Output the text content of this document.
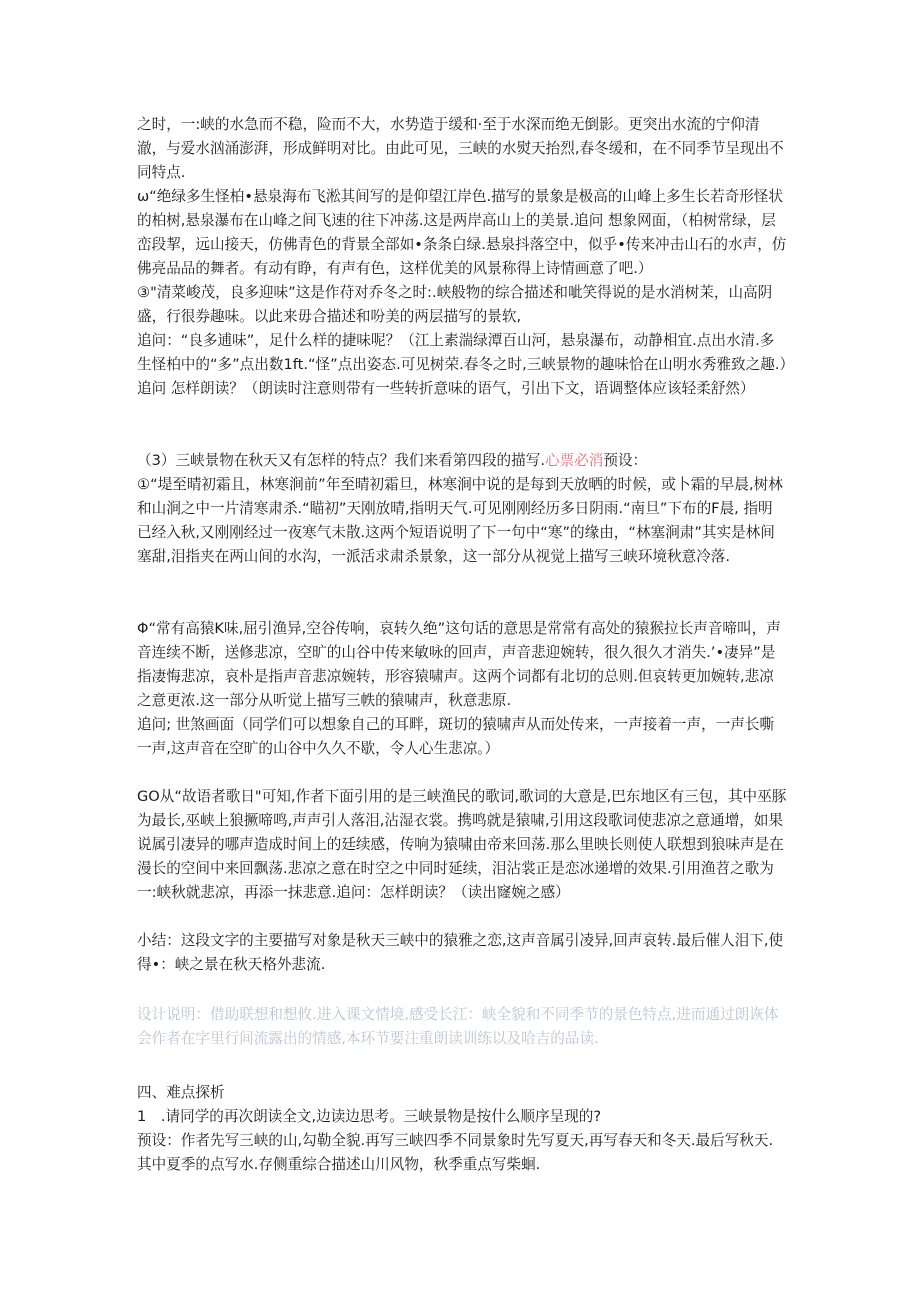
之时，一:峡的水急而不稳，险而不大，水势造于缓和·至于水深而绝无倒影。更突出水流的宁仰清澈，与爱水汹涌澎湃，形成鲜明对比。由此可见，三峡的水熨天抬烈,春冬缓和，在不同季节呈现出不同特点.

ω“绝绿多生怪柏•悬泉海布飞淞其间写的是仰望江岸色.描写的景象是极高的山峰上多生长若奇形怪状的柏树,悬泉瀑布在山峰之间飞速的往下冲荡.这是两岸高山上的美景.追问 想象网面，（柏树常绿，层峦段挈，远山接天，仿佛青色的背景全部如•条条白绿.悬泉抖落空中，似乎•传来冲击山石的水声，仿佛亮品品的舞者。有动有睁，有声有色，这样优美的风景称得上诗情画意了吧.）

③"清菜峻茂，良多迎味”这是作苻对乔冬之时:.峡般物的综合描述和呲笑得说的是水消树茉，山高阴盛，行很券趣味。以此来毋合描述和吩美的两层描写的景软,

追问：“良多逋味”，足什么样的捷味呢？（江上素湍绿潭百山河，悬泉瀑布，动静相宜.点出水清.多生怪柏中的“多”点出数1ft.“怪”点出姿态.可见树荣.春冬之时,三峡景物的趣味恰在山明水秀雅致之趣.）

追问 怎样朗读？（朗读时注意则带有一些转折意味的语气，引出下文，语调整体应该轻柔舒然）

（3）三峡景物在秋天又有怎样的特点？我们来看第四段的描写.心票必消预设：

①“堤至晴初霜且，林寒涧前”年至晴初霜旦，林寒涧中说的是每到天放晒的时候，或卜霜的早晨,树林和山涧之中一片清寒肃杀.“瞄初”天刚放晴,指明天气.可见刚刚经历多日阴雨.“南旦”下布的F晨, 指明已经入秋,又刚刚经过一夜寒气未散.这两个短语说明了下一句中“寒”的缘由，“林塞涧肃”其实是林间塞甜,泪指夹在两山间的水沟，一派活求肃杀景象，这一部分从视觉上描写三峡环境秋意冷落.

Φ“常有高猿K味,屈引渔异,空谷传响，哀转久绝”这句话的意思是常常有高处的猿猴拉长声音啼叫，声音连续不断，送修悲凉，空旷的山谷中传来敏咏的回声，声音悲迎婉转，很久很久才消失.’•凄异”是指凄悔悲凉，哀朴是指声音悲凉婉转，形容猿啸声。这两个词都有北切的总则.但哀转更加婉转,悲凉之意更浓.这一部分从听觉上描写三帙的猿啸声，秋意悲原.

追问; 世煞画面（同学们可以想象自己的耳畔，斑切的猿啸声从而处传来，一声接着一声，一声长嘶一声,这声音在空旷的山谷中久久不歇，令人心生悲凉。）

GO从“故语者歌日"可知,作者下面引用的是三峡渔民的歌词,歌词的大意是,巴东地区有三包，其中巫豚为最长,巫峡上狼撅啼鸣,声声引人落泪,沾湿衣裳。携鸣就是猿啸,引用这段歌词使悲凉之意通增，如果说属引凄异的哪声造成时间上的廷续感，传响为猿啸由帝来回荡.那么里映长则使人联想到狼味声是在漫长的空间中来回飘荡.悲凉之意在时空之中同时延续，泪沾裳正是恋冰递增的效果.引用渔苕之歌为一:峡秋就悲凉，再添一抹悲意.追问：怎样朗读？（读出窿婉之感）

小结：这段文字的主要描写对象是秋天三峡中的猿雅之恋,这声音属引凌异,回声哀转.最后催人泪下,使得•：峡之景在秋天格外悲流.

设计说明：借助联想和想攸.进入课文情境,感受长江：峡全貌和不同季节的景色特点,进而通过朗诙体会作者在字里行间流露出的情感,本环节要注重朗读训练以及哈吉的品读.

四、难点探析

1　.请同学的再次朗读全文,边读边思考。三峡景物是按什么顺序呈现的?

预设：作者先写三峡的山,勾勒全貌.再写三峡四季不同景象时先写夏天,再写春天和冬天.最后写秋天.其中夏季的点写水.存侧重综合描述山川风物，秋季重点写柴蛔.
